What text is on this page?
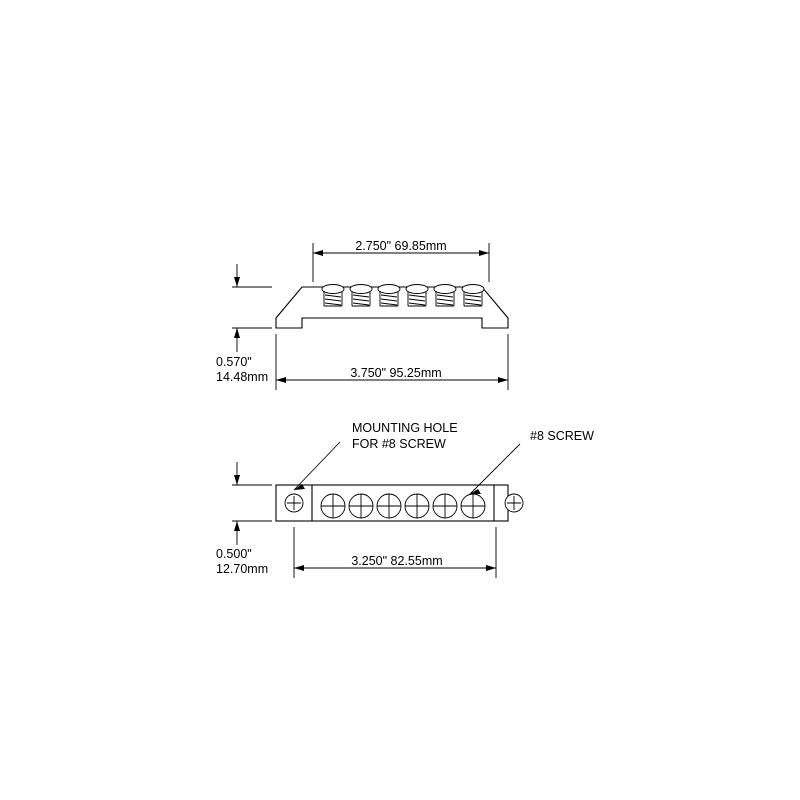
2.750" 69.85mm
3.750" 95.25mm
0.570"
14.48mm
MOUNTING HOLE
FOR #8 SCREW
#8 SCREW
3.250" 82.55mm
0.500"
12.70mm
